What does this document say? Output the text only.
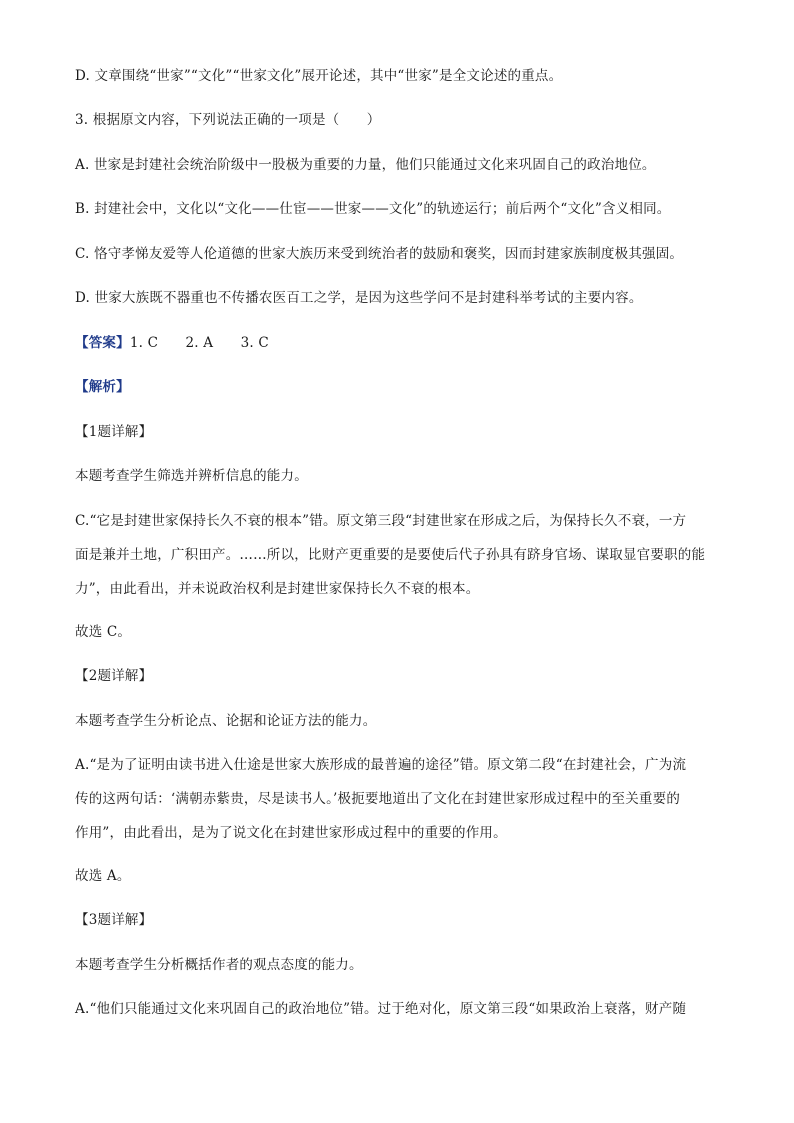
D. 文章围绕“世家”“文化”“世家文化”展开论述，其中“世家”是全文论述的重点。
3. 根据原文内容，下列说法正确的一项是（　　）
A. 世家是封建社会统治阶级中一股极为重要的力量，他们只能通过文化来巩固自己的政治地位。
B. 封建社会中，文化以“文化——仕宦——世家——文化”的轨迹运行；前后两个“文化”含义相同。
C. 恪守孝悌友爱等人伦道德的世家大族历来受到统治者的鼓励和褒奖，因而封建家族制度极其强固。
D. 世家大族既不器重也不传播农医百工之学，是因为这些学问不是封建科举考试的主要内容。
【答案】1. C　　2. A　　3. C
【解析】
【1题详解】
本题考查学生筛选并辨析信息的能力。
C.“它是封建世家保持长久不衰的根本”错。原文第三段“封建世家在形成之后，为保持长久不衰，一方
面是兼并土地，广积田产。……所以，比财产更重要的是要使后代子孙具有跻身官场、谋取显官要职的能
力”，由此看出，并未说政治权利是封建世家保持长久不衰的根本。
故选 C。
【2题详解】
本题考查学生分析论点、论据和论证方法的能力。
A.“是为了证明由读书进入仕途是世家大族形成的最普遍的途径”错。原文第二段“在封建社会，广为流
传的这两句话：‘满朝赤紫贵，尽是读书人。’极扼要地道出了文化在封建世家形成过程中的至关重要的
作用”，由此看出，是为了说文化在封建世家形成过程中的重要的作用。
故选 A。
【3题详解】
本题考查学生分析概括作者的观点态度的能力。
A.“他们只能通过文化来巩固自己的政治地位”错。过于绝对化，原文第三段“如果政治上衰落，财产随
